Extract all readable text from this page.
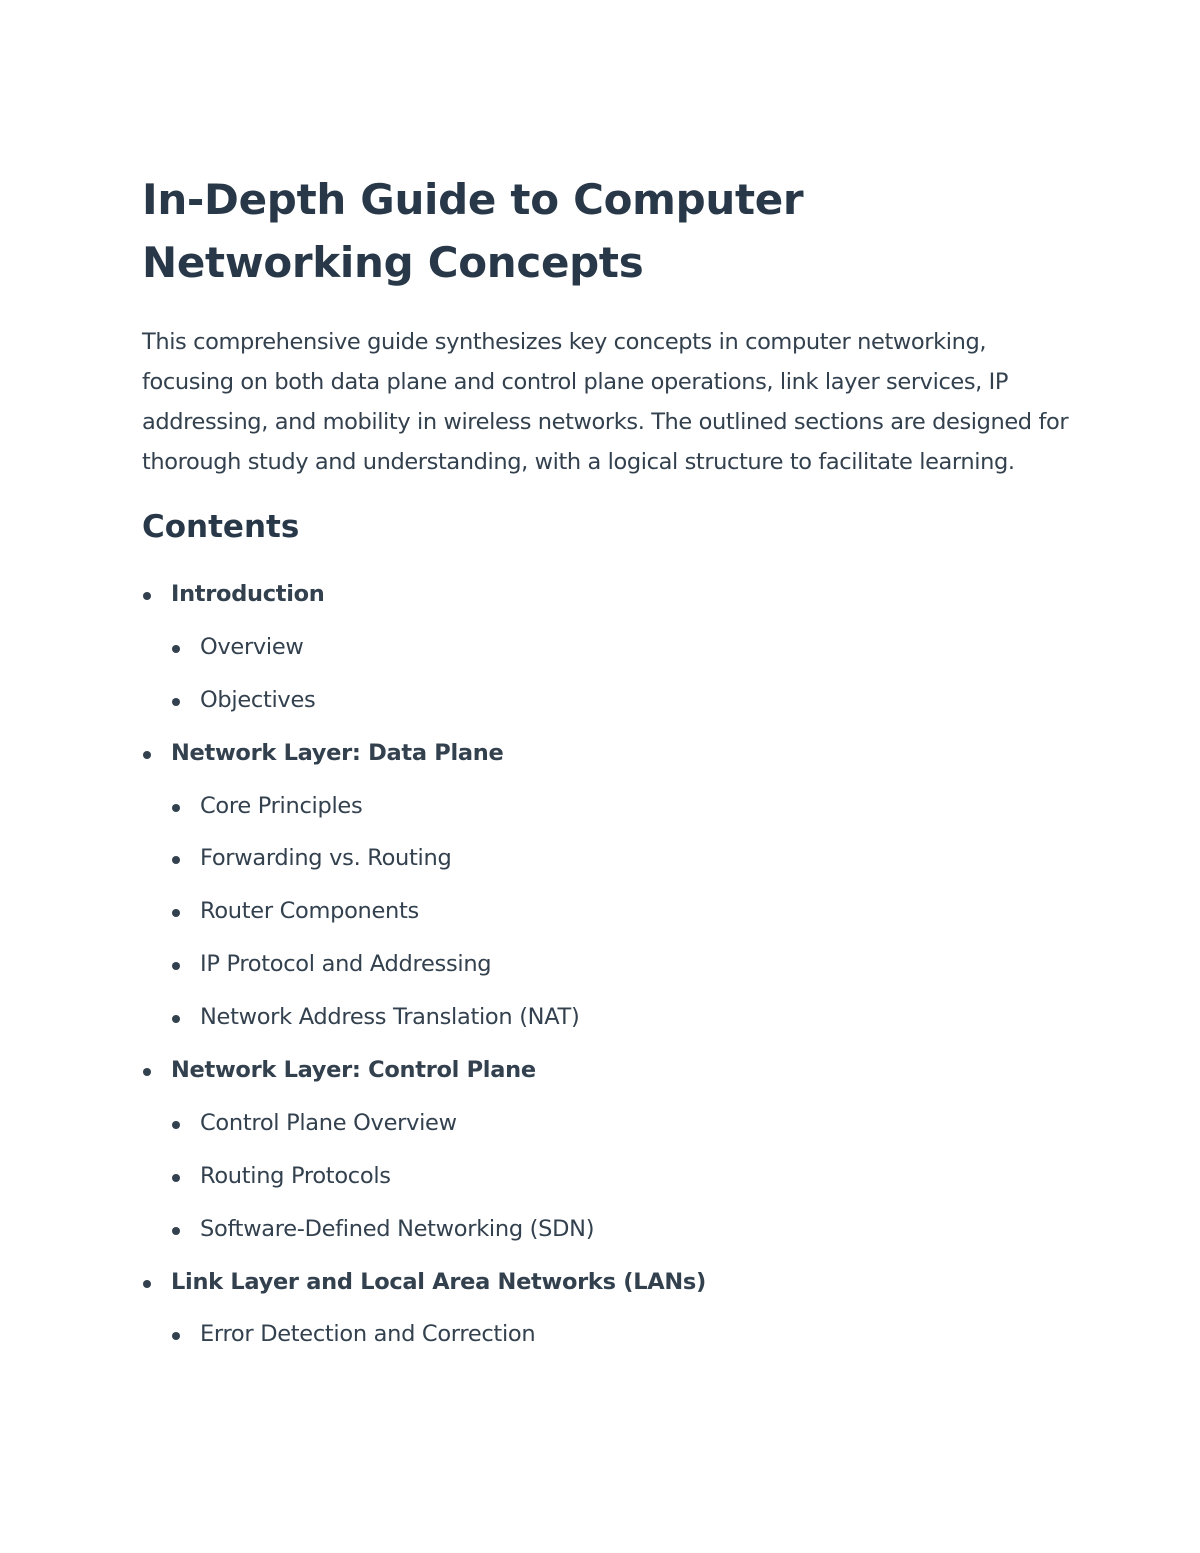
In-Depth Guide to Computer Networking Concepts

This comprehensive guide synthesizes key concepts in computer networking, focusing on both data plane and control plane operations, link layer services, IP addressing, and mobility in wireless networks. The outlined sections are designed for thorough study and understanding, with a logical structure to facilitate learning.

Contents
Introduction
Overview
Objectives
Network Layer: Data Plane
Core Principles
Forwarding vs. Routing
Router Components
IP Protocol and Addressing
Network Address Translation (NAT)
Network Layer: Control Plane
Control Plane Overview
Routing Protocols
Software-Defined Networking (SDN)
Link Layer and Local Area Networks (LANs)
Error Detection and Correction
